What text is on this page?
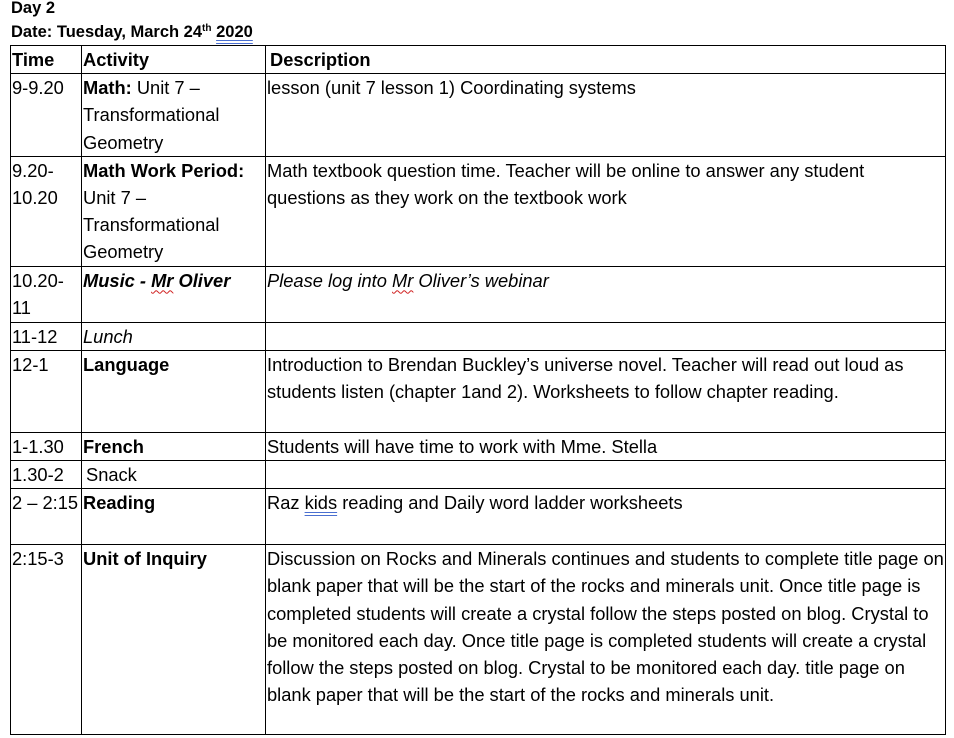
Day 2
Date: Tuesday, March 24th 2020
Time	Activity	Description
9-9.20	Math: Unit 7 – Transformational Geometry	lesson (unit 7 lesson 1) Coordinating systems
9.20-10.20	Math Work Period: Unit 7 – Transformational Geometry	Math textbook question time. Teacher will be online to answer any student questions as they work on the textbook work
10.20-11	Music - Mr Oliver	Please log into Mr Oliver’s webinar
11-12	Lunch	
12-1	Language	Introduction to Brendan Buckley’s universe novel. Teacher will read out loud as students listen (chapter 1and 2). Worksheets to follow chapter reading.
1-1.30	French	Students will have time to work with Mme. Stella
1.30-2	Snack	
2 – 2:15	Reading	Raz kids reading and Daily word ladder worksheets
2:15-3	Unit of Inquiry	Discussion on Rocks and Minerals continues and students to complete title page on blank paper that will be the start of the rocks and minerals unit. Once title page is completed students will create a crystal follow the steps posted on blog. Crystal to be monitored each day. Once title page is completed students will create a crystal follow the steps posted on blog. Crystal to be monitored each day. title page on blank paper that will be the start of the rocks and minerals unit.
